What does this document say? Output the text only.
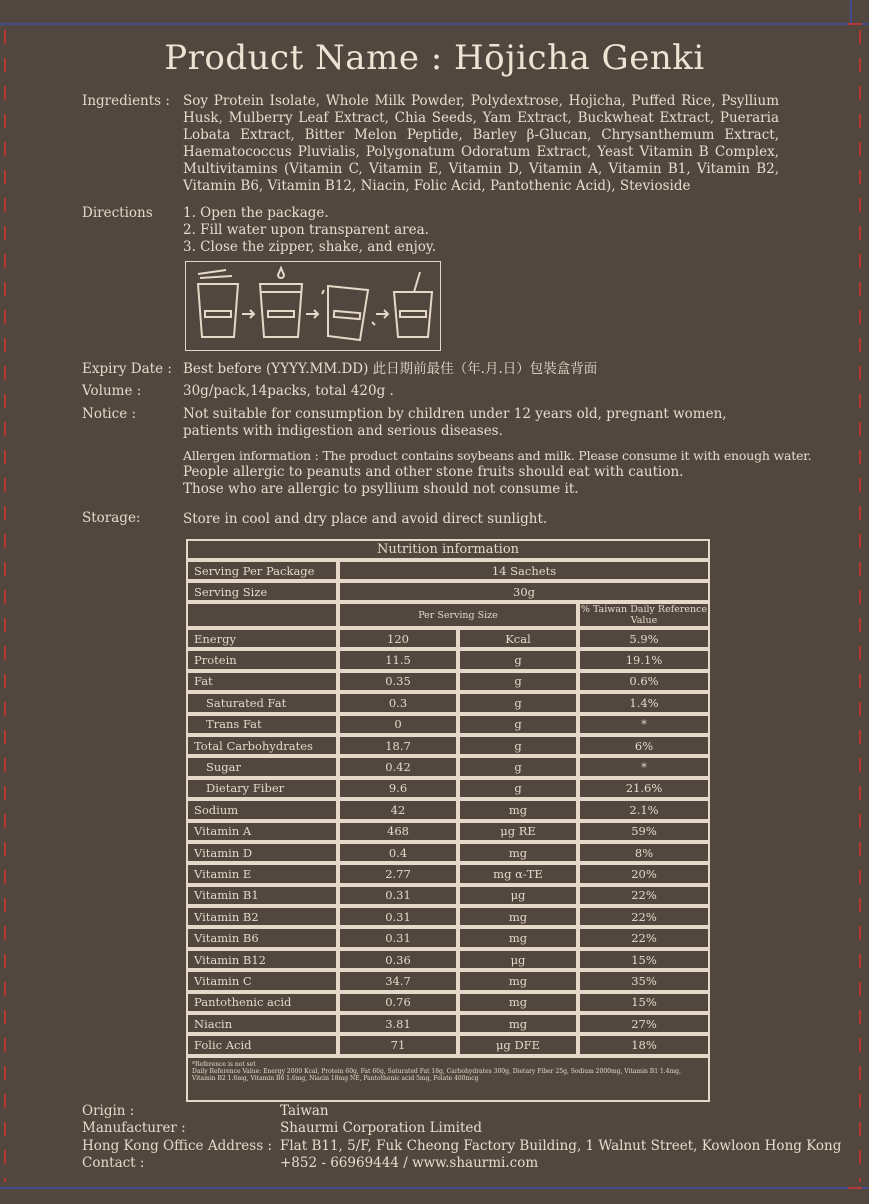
Product Name : Hōjicha Genki
Ingredients : Soy Protein Isolate, Whole Milk Powder, Polydextrose, Hojicha, Puffed Rice, Psyllium Husk, Mulberry Leaf Extract, Chia Seeds, Yam Extract, Buckwheat Extract, Pueraria Lobata Extract, Bitter Melon Peptide, Barley β-Glucan, Chrysanthemum Extract, Haematococcus Pluvialis, Polygonatum Odoratum Extract, Yeast Vitamin B Complex, Multivitamins (Vitamin C, Vitamin E, Vitamin D, Vitamin A, Vitamin B1, Vitamin B2, Vitamin B6, Vitamin B12, Niacin, Folic Acid, Pantothenic Acid), Stevioside
Directions 1. Open the package.
2. Fill water upon transparent area.
3. Close the zipper, shake, and enjoy.
Expiry Date : Best before (YYYY.MM.DD) 此日期前最佳（年.月.日）包裝盒背面
Volume :	30g/pack,14packs, total 420g .
Notice :	Not suitable for consumption by children under 12 years old, pregnant women,
patients with indigestion and serious diseases.
Allergen information : The product contains soybeans and milk. Please consume it with enough water.
People allergic to peanuts and other stone fruits should eat with caution.
Those who are allergic to psyllium should not consume it.
Storage:	Store in cool and dry place and avoid direct sunlight.
Nutrition information			
Serving Per Package	14 Sachets		
Serving Size	30g		
	Per Serving Size		% Taiwan Daily Reference Value
Energy	120	Kcal	5.9%
Protein	11.5	g	19.1%
Fat	0.35	g	0.6%
Saturated Fat	0.3	g	1.4%
Trans Fat	0	g	*
Total Carbohydrates	18.7	g	6%
Sugar	0.42	g	*
Dietary Fiber	9.6	g	21.6%
Sodium	42	mg	2.1%
Vitamin A	468	μg RE	59%
Vitamin D	0.4	mg	8%
Vitamin E	2.77	mg α-TE	20%
Vitamin B1	0.31	μg	22%
Vitamin B2	0.31	mg	22%
Vitamin B6	0.31	mg	22%
Vitamin B12	0.36	μg	15%
Vitamin C	34.7	mg	35%
Pantothenic acid	0.76	mg	15%
Niacin	3.81	mg	27%
Folic Acid	71	μg DFE	18%

*Reference is not set
Daily Reference Value: Energy 2000 Kcal, Protein 60g, Fat 60g, Saturated Fat 18g, Carbohydrates 300g, Dietary Fiber 25g, Sodium 2000mg, Vitamin B1 1.4mg, Vitamin B2 1.6mg, Vitamin B6 1.6mg, Niacin 18mg NE, Pantothenic acid 5mg, Folate 400mcg			
Origin :	Taiwan
Manufacturer :	Shaurmi Corporation Limited
Hong Kong Office Address : Flat B11, 5/F, Fuk Cheong Factory Building, 1 Walnut Street, Kowloon Hong Kong
Contact :	+852 - 66969444 / www.shaurmi.com
